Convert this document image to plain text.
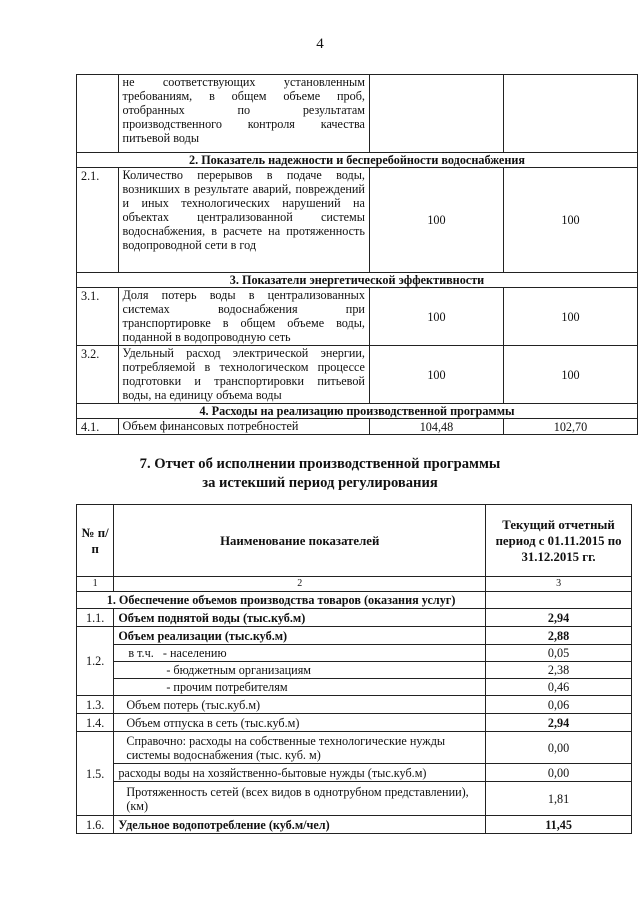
4
	не соответствующих установленным требованиям, в общем объеме проб, отобранных по результатам производственного контроля качества питьевой воды		
2. Показатель надежности и бесперебойности водоснабжения			
2.1.	Количество перерывов в подаче воды, возникших в результате аварий, повреждений и иных технологических нарушений на объектах централизованной системы водоснабжения, в расчете на протяженность водопроводной сети в год	100	100
3. Показатели энергетической эффективности			
3.1.	Доля потерь воды в централизованных системах водоснабжения при транспортировке в общем объеме воды, поданной в водопроводную сеть	100	100
3.2.	Удельный расход электрической энергии, потребляемой в технологическом процессе подготовки и транспортировки питьевой воды, на единицу объема воды	100	100
4. Расходы на реализацию производственной программы			
4.1.	Объем финансовых потребностей	104,48	102,70
7. Отчет об исполнении производственной программы
за истекший период регулирования
№ п/п	Наименование показателей	Текущий отчетный период с 01.11.2015 по 31.12.2015 гг.
1	2	3
1. Обеспечение объемов производства товаров (оказания услуг)		
1.1.	Объем поднятой воды (тыс.куб.м)	2,94
1.2.	Объем реализации (тыс.куб.м)	2,88
	в т.ч. - населению	0,05
	- бюджетным организациям	2,38
	- прочим потребителям	0,46
1.3.	Объем потерь (тыс.куб.м)	0,06
1.4.	Объем отпуска в сеть (тыс.куб.м)	2,94
1.5.	Справочно: расходы на собственные технологические нужды системы водоснабжения (тыс. куб. м)	0,00
	расходы воды на хозяйственно-бытовые нужды (тыс.куб.м)	0,00
	Протяженность сетей (всех видов в однотрубном представлении), (км)	1,81
1.6.	Удельное водопотребление (куб.м/чел)	11,45
